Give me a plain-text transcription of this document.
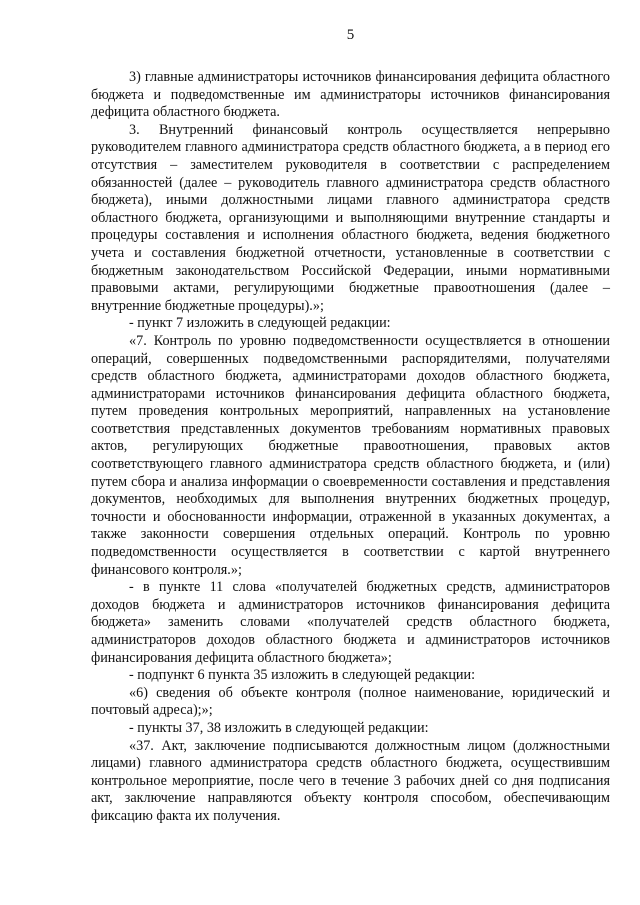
5

3) главные администраторы источников финансирования дефицита областного бюджета и подведомственные им администраторы источников финансирования дефицита областного бюджета.

3. Внутренний финансовый контроль осуществляется непрерывно руководителем главного администратора средств областного бюджета, а в период его отсутствия – заместителем руководителя в соответствии с распределением обязанностей (далее – руководитель главного администратора средств областного бюджета), иными должностными лицами главного администратора средств областного бюджета, организующими и выполняющими внутренние стандарты и процедуры составления и исполнения областного бюджета, ведения бюджетного учета и составления бюджетной отчетности, установленные в соответствии с бюджетным законодательством Российской Федерации, иными нормативными правовыми актами, регулирующими бюджетные правоотношения (далее – внутренние бюджетные процедуры).»;

- пункт 7 изложить в следующей редакции:

«7. Контроль по уровню подведомственности осуществляется в отношении операций, совершенных подведомственными распорядителями, получателями средств областного бюджета, администраторами доходов областного бюджета, администраторами источников финансирования дефицита областного бюджета, путем проведения контрольных мероприятий, направленных на установление соответствия представленных документов требованиям нормативных правовых актов, регулирующих бюджетные правоотношения, правовых актов соответствующего главного администратора средств областного бюджета, и (или) путем сбора и анализа информации о своевременности составления и представления документов, необходимых для выполнения внутренних бюджетных процедур, точности и обоснованности информации, отраженной в указанных документах, а также законности совершения отдельных операций. Контроль по уровню подведомственности осуществляется в соответствии с картой внутреннего финансового контроля.»;

- в пункте 11 слова «получателей бюджетных средств, администраторов доходов бюджета и администраторов источников финансирования дефицита бюджета» заменить словами «получателей средств областного бюджета, администраторов доходов областного бюджета и администраторов источников финансирования дефицита областного бюджета»;

- подпункт 6 пункта 35 изложить в следующей редакции:

«6) сведения об объекте контроля (полное наименование, юридический и почтовый адреса);»;

- пункты 37, 38 изложить в следующей редакции:

«37. Акт, заключение подписываются должностным лицом (должностными лицами) главного администратора средств областного бюджета, осуществившим контрольное мероприятие, после чего в течение 3 рабочих дней со дня подписания акт, заключение направляются объекту контроля способом, обеспечивающим фиксацию факта их получения.
